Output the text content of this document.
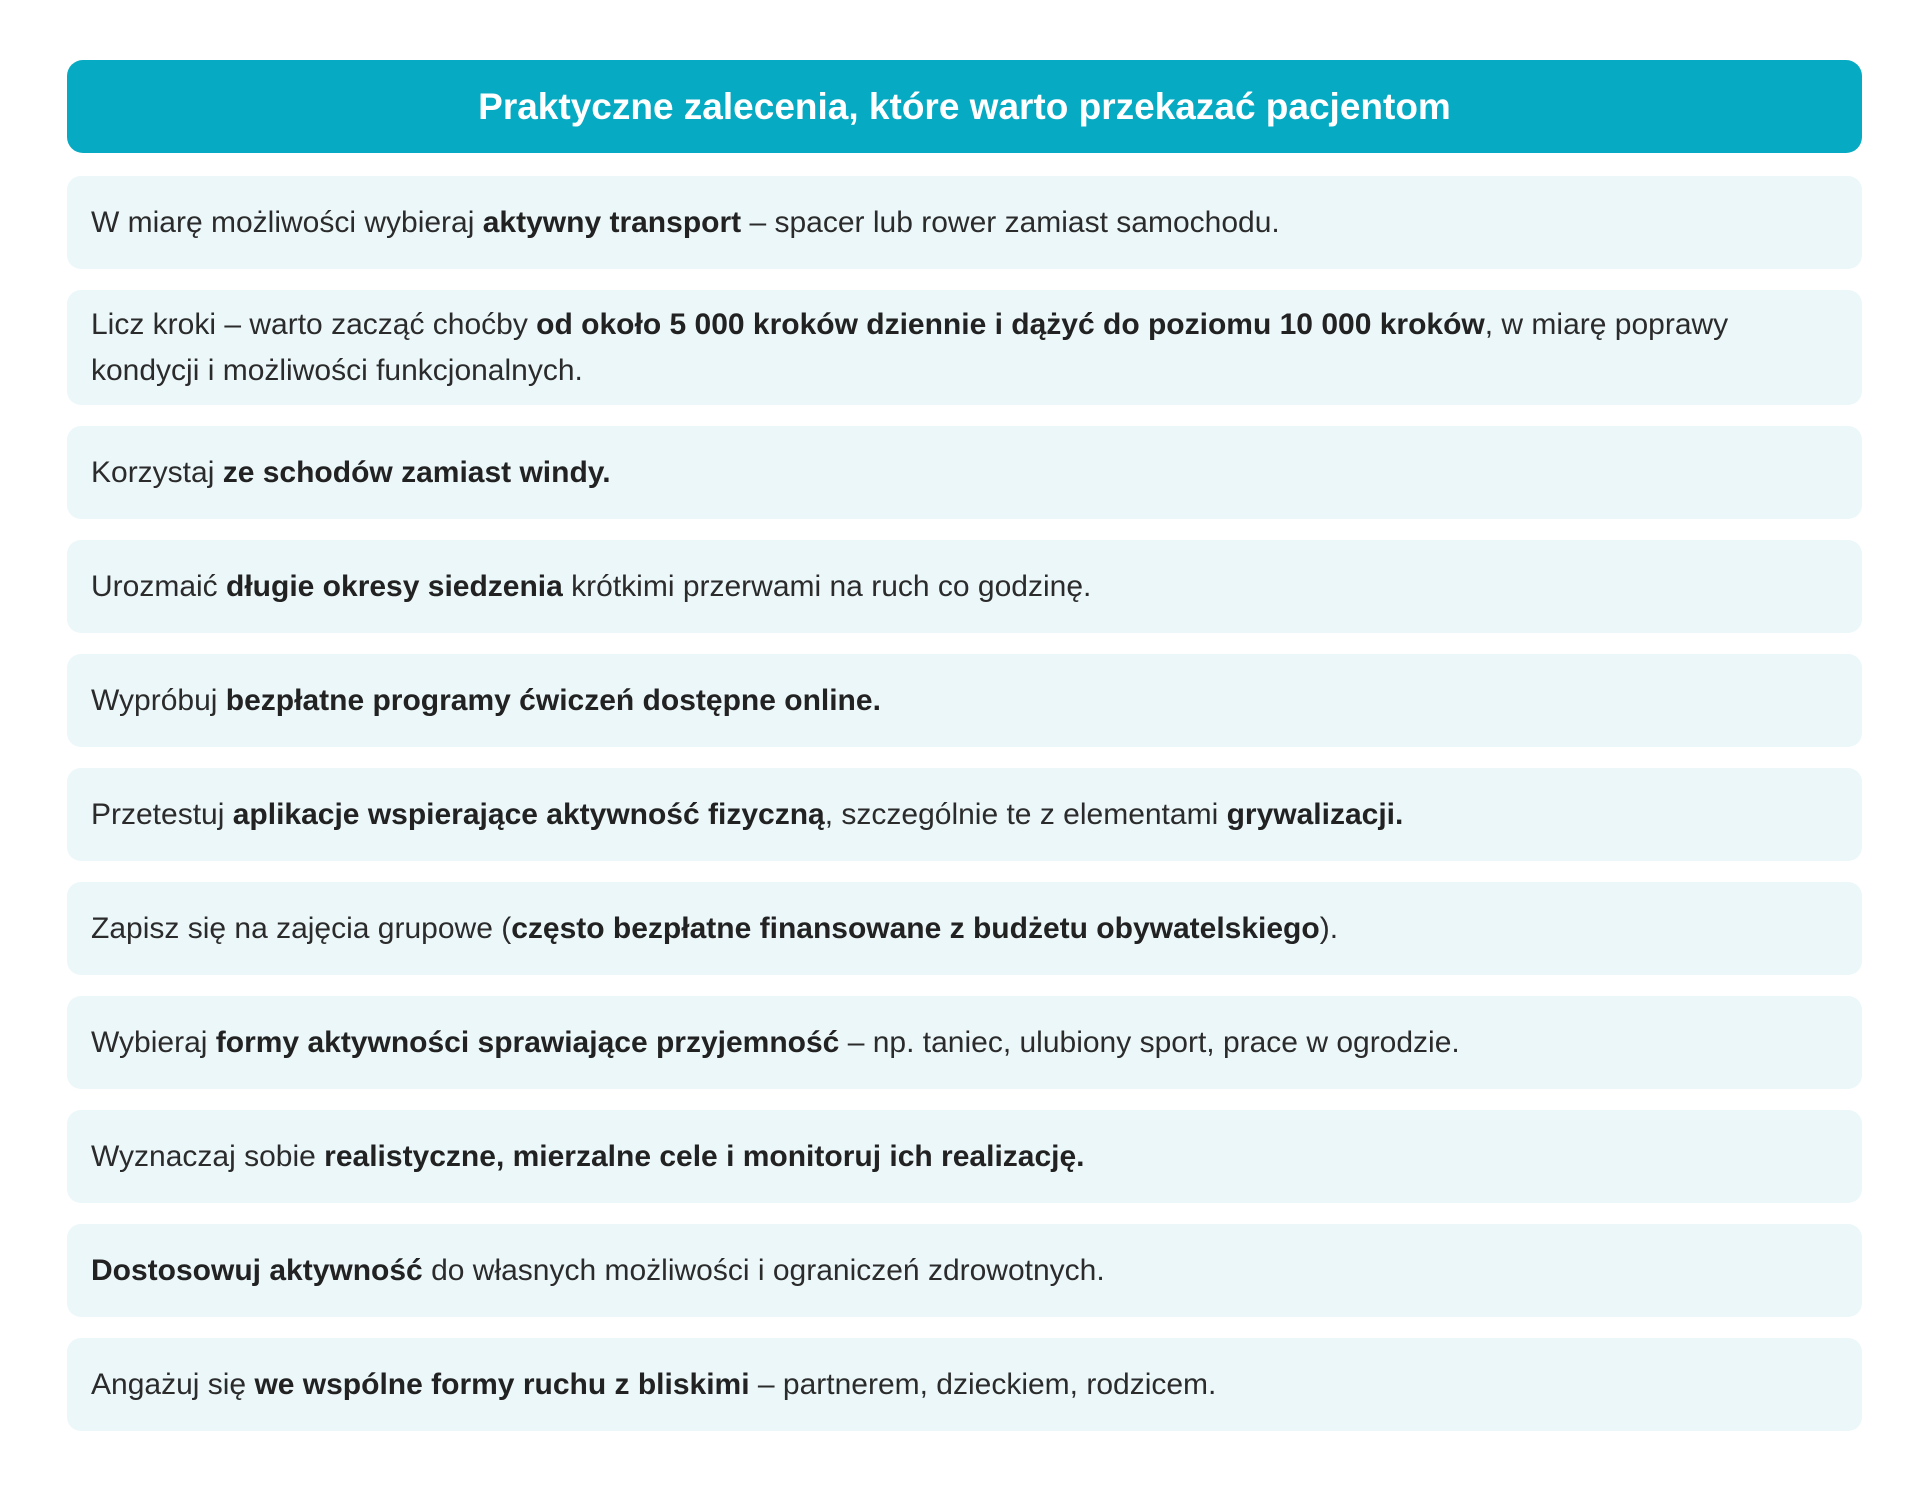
Praktyczne zalecenia, które warto przekazać pacjentom

W miarę możliwości wybieraj aktywny transport – spacer lub rower zamiast samochodu.

Licz kroki – warto zacząć choćby od około 5 000 kroków dziennie i dążyć do poziomu 10 000 kroków, w miarę poprawy kondycji i możliwości funkcjonalnych.

Korzystaj ze schodów zamiast windy.

Urozmaić długie okresy siedzenia krótkimi przerwami na ruch co godzinę.

Wypróbuj bezpłatne programy ćwiczeń dostępne online.

Przetestuj aplikacje wspierające aktywność fizyczną, szczególnie te z elementami grywalizacji.

Zapisz się na zajęcia grupowe (często bezpłatne finansowane z budżetu obywatelskiego).

Wybieraj formy aktywności sprawiające przyjemność – np. taniec, ulubiony sport, prace w ogrodzie.

Wyznaczaj sobie realistyczne, mierzalne cele i monitoruj ich realizację.

Dostosowuj aktywność do własnych możliwości i ograniczeń zdrowotnych.

Angażuj się we wspólne formy ruchu z bliskimi – partnerem, dzieckiem, rodzicem.
